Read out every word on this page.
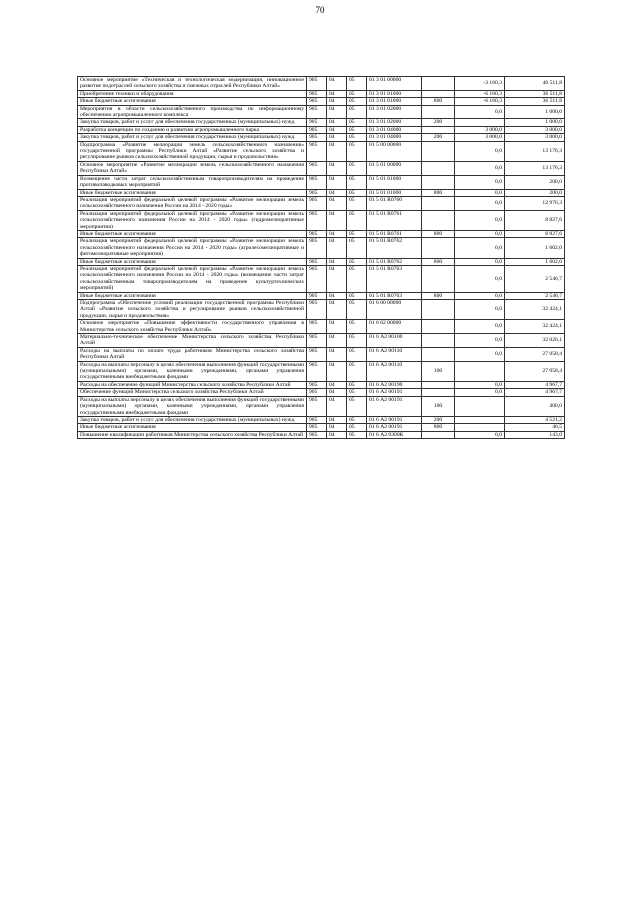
70
Основное мероприятие «Техническая и технологическая модернизация, инновационное развитие подотраслей сельского хозяйства и смежных отраслей Республики Алтай»	905	04	05	01 3 01 00000		-3 160,3	40 511,8
Приобретение техники и оборудования	905	04	05	01 3 01 01000		-6 160,3	36 511,8
Иные бюджетные ассигнования	905	04	05	01 3 01 01000	800	-6 160,3	36 511,8
Мероприятия в области сельскохозяйственного производства по информационному обеспечению агропромышленного комплекса	905	04	05	01 3 01 02000		0,0	1 000,0
Закупка товаров, работ и услуг для обеспечения государственных (муниципальных) нужд	905	04	05	01 3 01 02000	200		1 000,0
Разработка концепции по созданию и развитию агропромышленного парка	905	04	05	01 3 01 04000		3 000,0	3 000,0
Закупка товаров, работ и услуг для обеспечения государственных (муниципальных) нужд	905	04	05	01 3 01 04000	200	3 000,0	3 000,0
Подпрограмма «Развитие мелиорации земель сельскохозяйственного назначения» государственной программы Республики Алтай «Развитие сельского хозяйства и регулирование рынков сельскохозяйственной продукции, сырья и продовольствия»	905	04	05	01 5 00 00000		0,0	13 176,3
Основное мероприятие «Развитие мелиорации земель сельскохозяйственного назначения Республики Алтай»	905	04	05	01 5 01 00000		0,0	13 176,3
Возмещение части затрат сельскохозяйственным товаропроизводителям на проведение противопаводковых мероприятий	905	04	05	01 5 01 01000		0,0	200,0
Иные бюджетные ассигнования	905	04	05	01 5 01 01000	800	0,0	200,0
Реализация мероприятий федеральной целевой программы «Развитие мелиорации земель сельскохозяйственного назначения России на 2014 - 2020 годы»	905	04	05	01 5 01 R0760		0,0	12 976,3
Реализация мероприятий федеральной целевой программы «Развитие мелиорации земель сельскохозяйственного назначения России на 2014 - 2020 годы» (гидромелиоративные мероприятия)	905	04	05	01 5 01 R0761		0,0	8 827,6
Иные бюджетные ассигнования	905	04	05	01 5 01 R0761	800	0,0	8 827,6
Реализация мероприятий федеральной целевой программы «Развитие мелиорации земель сельскохозяйственного назначения России на 2014 - 2020 годы» (агролесомелиоративные и фитомелиоративные мероприятия)	905	04	05	01 5 01 R0762		0,0	1 602,0
Иные бюджетные ассигнования	905	04	05	01 5 01 R0762	800	0,0	1 602,0
Реализация мероприятий федеральной целевой программы «Развитие мелиорации земель сельскохозяйственного назначения России на 2014 - 2020 годы» (возмещение части затрат сельскохозяйственным товаропроизводителям на проведение культуртехнических мероприятий)	905	04	05	01 5 01 R0763		0,0	2 546,7
Иные бюджетные ассигнования	905	04	05	01 5 01 R0763	800	0,0	2 546,7
Подпрограмма «Обеспечение условий реализации государственной программы Республики Алтай «Развитие сельского хозяйства и регулирование рынков сельскохозяйственной продукции, сырья и продовольствия»	905	04	05	01 6 00 00000		0,0	32 424,1
Основное мероприятие «Повышение эффективности государственного управления в Министерстве сельского хозяйства Республики Алтай»	905	04	05	01 6 02 00000		0,0	32 424,1
Материально-техническое обеспечение Министерства сельского хозяйства Республики Алтай	905	04	05	01 6 А2 00100		0,0	32 026,1
Расходы на выплаты по оплате труда работников Министерства сельского хозяйства Республики Алтай	905	04	05	01 6 А2 00110		0,0	27 058,4
Расходы на выплаты персоналу в целях обеспечения выполнения функций государственными (муниципальными) органами, казенными учреждениями, органами управления государственными внебюджетными фондами	905	04	05	01 6 А2 00110	100		27 058,4
Расходы на обеспечение функций Министерства сельского хозяйства Республики Алтай	905	04	05	01 6 А2 00190		0,0	4 967,7
Обеспечение функций Министерства сельского хозяйства Республики Алтай	905	04	05	01 6 А2 00191		0,0	4 967,7
Расходы на выплаты персоналу в целях обеспечения выполнения функций государственными (муниципальными) органами, казенными учреждениями, органами управления государственными внебюджетными фондами	905	04	05	01 6 А2 00191	100		400,0
Закупка товаров, работ и услуг для обеспечения государственных (муниципальных) нужд	905	04	05	01 6 А2 00191	200		4 521,2
Иные бюджетные ассигнования	905	04	05	01 6 А2 00191	800		46,5
Повышение квалификации работников Министерства сельского хозяйства Республики Алтай	905	04	05	01 6 А2 0300К		0,0	143,0
